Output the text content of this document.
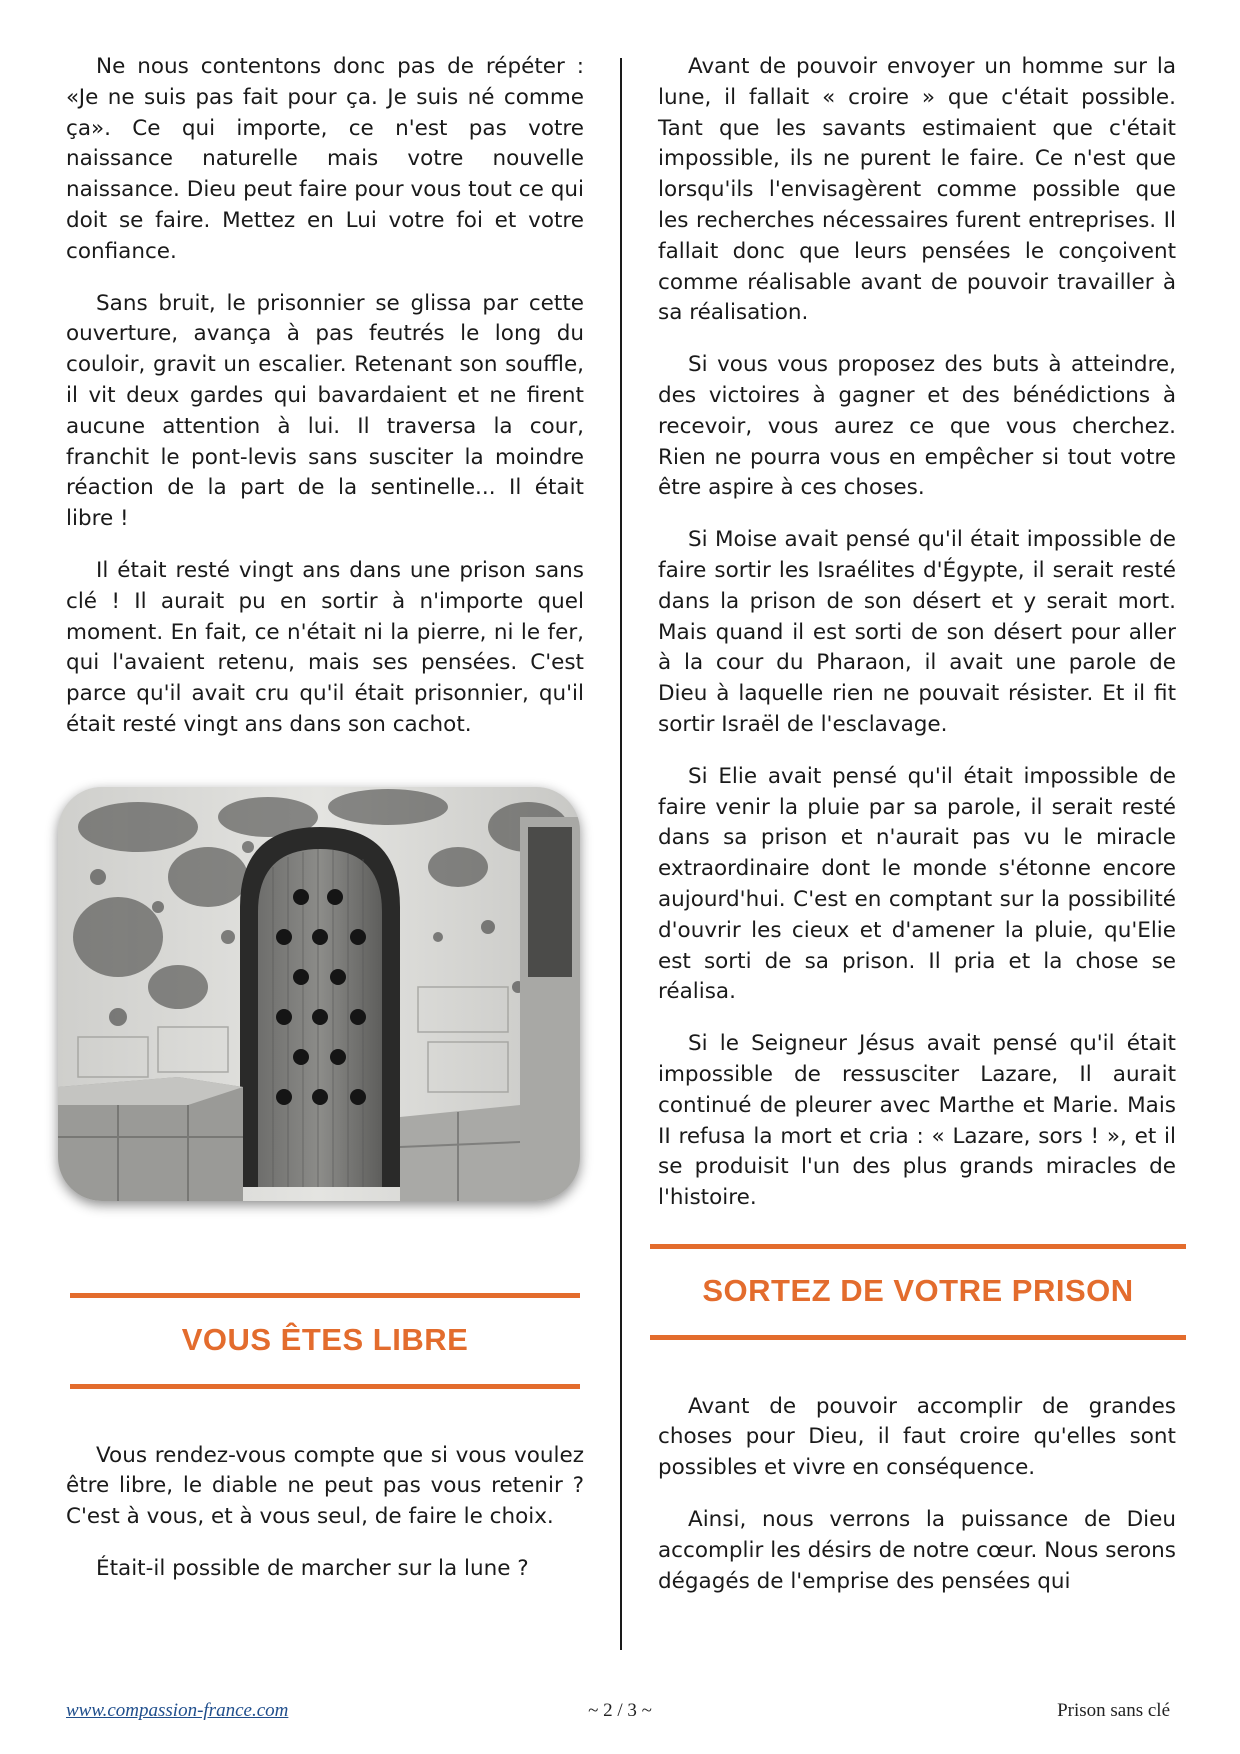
Ne nous contentons donc pas de répéter : «Je ne suis pas fait pour ça. Je suis né comme ça». Ce qui importe, ce n'est pas votre naissance naturelle mais votre nouvelle naissance. Dieu peut faire pour vous tout ce qui doit se faire. Mettez en Lui votre foi et votre confiance.

Sans bruit, le prisonnier se glissa par cette ouverture, avança à pas feutrés le long du couloir, gravit un escalier. Retenant son souffle, il vit deux gardes qui bavardaient et ne firent aucune attention à lui. Il traversa la cour, franchit le pont-levis sans susciter la moindre réaction de la part de la sentinelle... Il était libre !

Il était resté vingt ans dans une prison sans clé ! Il aurait pu en sortir à n'importe quel moment. En fait, ce n'était ni la pierre, ni le fer, qui l'avaient retenu, mais ses pensées. C'est parce qu'il avait cru qu'il était prisonnier, qu'il était resté vingt ans dans son cachot.

VOUS ÊTES LIBRE

Vous rendez-vous compte que si vous voulez être libre, le diable ne peut pas vous retenir ? C'est à vous, et à vous seul, de faire le choix.

Était-il possible de marcher sur la lune ?

Avant de pouvoir envoyer un homme sur la lune, il fallait « croire » que c'était possible. Tant que les savants estimaient que c'était impossible, ils ne purent le faire. Ce n'est que lorsqu'ils l'envisagèrent comme possible que les recherches nécessaires furent entreprises. Il fallait donc que leurs pensées le conçoivent comme réalisable avant de pouvoir travailler à sa réalisation.

Si vous vous proposez des buts à atteindre, des victoires à gagner et des bénédictions à recevoir, vous aurez ce que vous cherchez. Rien ne pourra vous en empêcher si tout votre être aspire à ces choses.

Si Moise avait pensé qu'il était impossible de faire sortir les Israélites d'Égypte, il serait resté dans la prison de son désert et y serait mort. Mais quand il est sorti de son désert pour aller à la cour du Pharaon, il avait une parole de Dieu à laquelle rien ne pouvait résister. Et il fit sortir Israël de l'esclavage.

Si Elie avait pensé qu'il était impossible de faire venir la pluie par sa parole, il serait resté dans sa prison et n'aurait pas vu le miracle extraordinaire dont le monde s'étonne encore aujourd'hui. C'est en comptant sur la possibilité d'ouvrir les cieux et d'amener la pluie, qu'Elie est sorti de sa prison. Il pria et la chose se réalisa.

Si le Seigneur Jésus avait pensé qu'il était impossible de ressusciter Lazare, Il aurait continué de pleurer avec Marthe et Marie. Mais II refusa la mort et cria : « Lazare, sors ! », et il se produisit l'un des plus grands miracles de l'histoire.

SORTEZ DE VOTRE PRISON

Avant de pouvoir accomplir de grandes choses pour Dieu, il faut croire qu'elles sont possibles et vivre en conséquence.

Ainsi, nous verrons la puissance de Dieu accomplir les désirs de notre cœur. Nous serons dégagés de l'emprise des pensées qui

~ 2 / 3 ~
www.compassion-france.com	Prison sans clé
